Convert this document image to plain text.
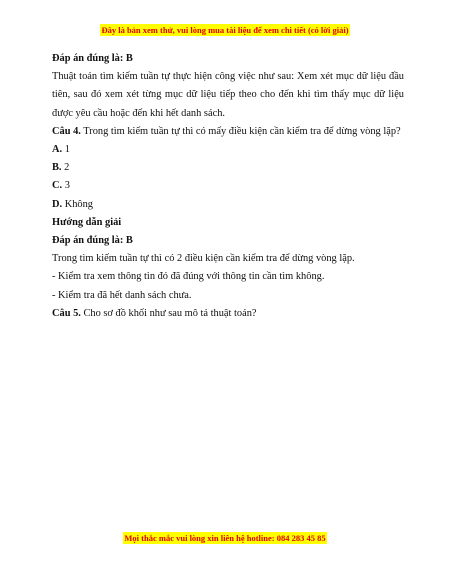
Đây là bản xem thử, vui lòng mua tài liệu để xem chi tiết (có lời giải)

Đáp án đúng là: B

Thuật toán tìm kiếm tuần tự thực hiện công việc như sau: Xem xét mục dữ liệu đầu tiên, sau đó xem xét từng mục dữ liệu tiếp theo cho đến khi tìm thấy mục dữ liệu được yêu cầu hoặc đến khi hết danh sách.

Câu 4. Trong tìm kiếm tuần tự thì có mấy điều kiện cần kiểm tra để dừng vòng lặp?

A. 1

B. 2

C. 3

D. Không

Hướng dẫn giải

Đáp án đúng là: B

Trong tìm kiếm tuần tự thì có 2 điều kiện cần kiểm tra để dừng vòng lặp.

- Kiểm tra xem thông tin đó đã đúng với thông tin cần tìm không.

- Kiểm tra đã hết danh sách chưa.

Câu 5. Cho sơ đồ khối như sau mô tả thuật toán?

Mọi thắc mắc vui lòng xin liên hệ hotline: 084 283 45 85
